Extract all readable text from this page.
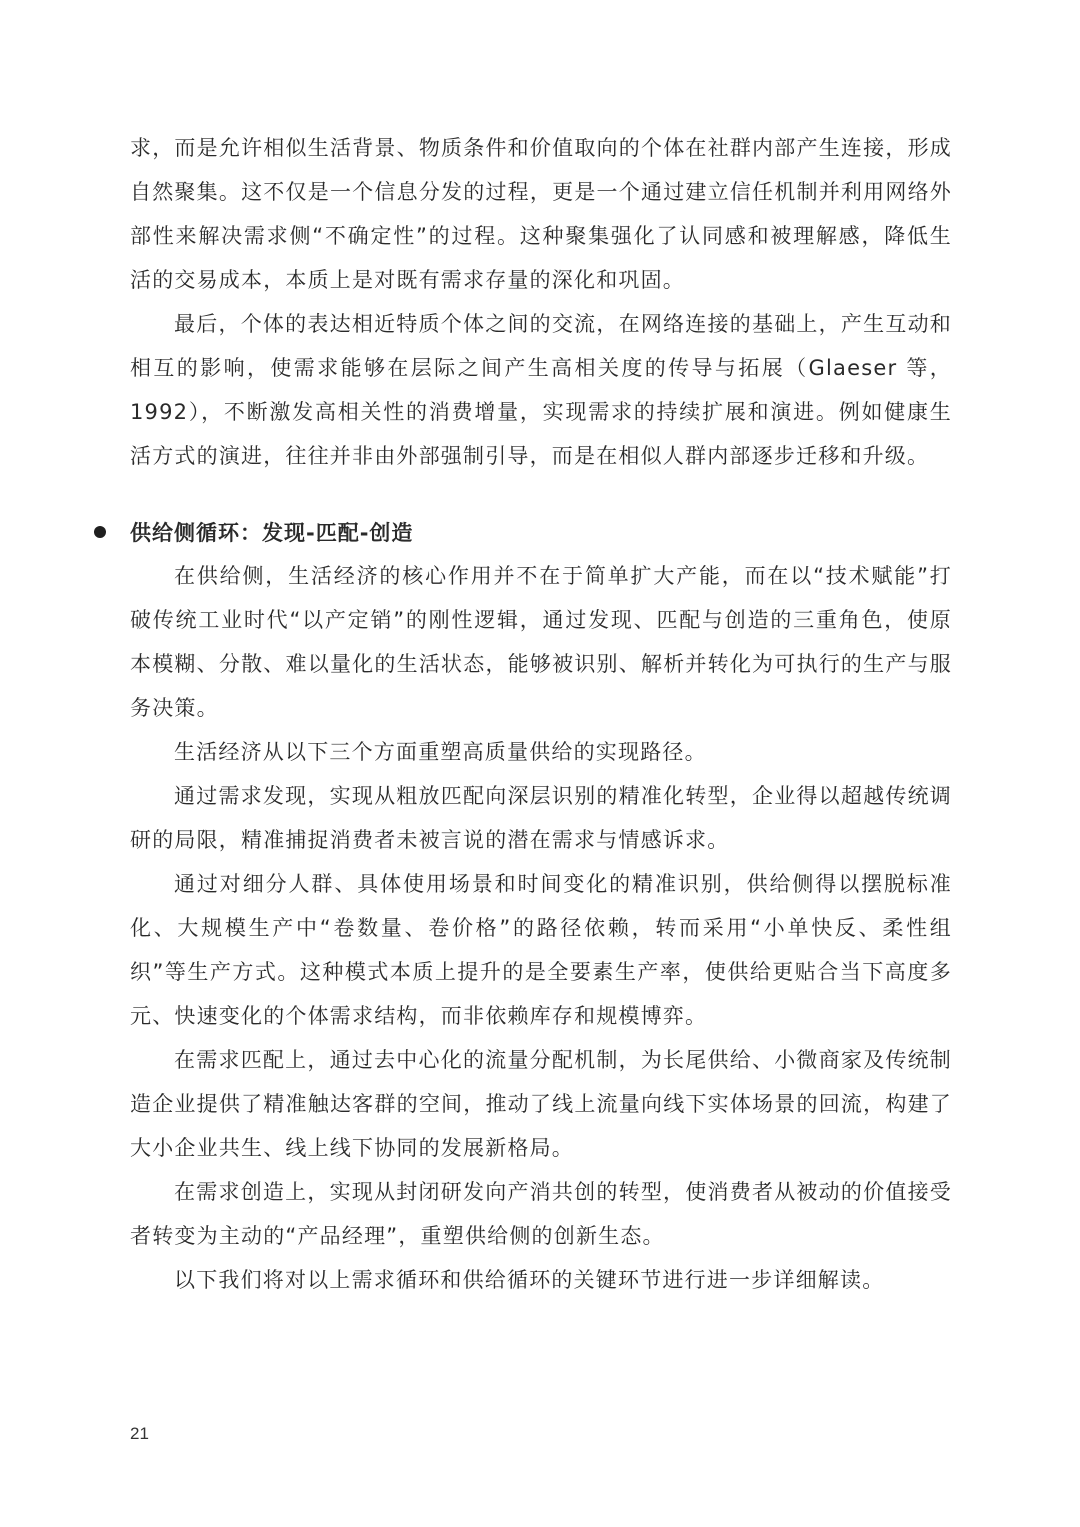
求，而是允许相似生活背景、物质条件和价值取向的个体在社群内部产生连接，形成自然聚集。这不仅是一个信息分发的过程，更是一个通过建立信任机制并利用网络外部性来解决需求侧“不确定性”的过程。这种聚集强化了认同感和被理解感，降低生活的交易成本，本质上是对既有需求存量的深化和巩固。

最后，个体的表达相近特质个体之间的交流，在网络连接的基础上，产生互动和相互的影响，使需求能够在层际之间产生高相关度的传导与拓展（Glaeser 等，1992），不断激发高相关性的消费增量，实现需求的持续扩展和演进。例如健康生活方式的演进，往往并非由外部强制引导，而是在相似人群内部逐步迁移和升级。

供给侧循环：发现-匹配-创造

在供给侧，生活经济的核心作用并不在于简单扩大产能，而在以“技术赋能”打破传统工业时代“以产定销”的刚性逻辑，通过发现、匹配与创造的三重角色，使原本模糊、分散、难以量化的生活状态，能够被识别、解析并转化为可执行的生产与服务决策。

生活经济从以下三个方面重塑高质量供给的实现路径。

通过需求发现，实现从粗放匹配向深层识别的精准化转型，企业得以超越传统调研的局限，精准捕捉消费者未被言说的潜在需求与情感诉求。

通过对细分人群、具体使用场景和时间变化的精准识别，供给侧得以摆脱标准化、大规模生产中“卷数量、卷价格”的路径依赖，转而采用“小单快反、柔性组织”等生产方式。这种模式本质上提升的是全要素生产率，使供给更贴合当下高度多元、快速变化的个体需求结构，而非依赖库存和规模博弈。

在需求匹配上，通过去中心化的流量分配机制，为长尾供给、小微商家及传统制造企业提供了精准触达客群的空间，推动了线上流量向线下实体场景的回流，构建了大小企业共生、线上线下协同的发展新格局。

在需求创造上，实现从封闭研发向产消共创的转型，使消费者从被动的价值接受者转变为主动的“产品经理”，重塑供给侧的创新生态。

以下我们将对以上需求循环和供给循环的关键环节进行进一步详细解读。

21
